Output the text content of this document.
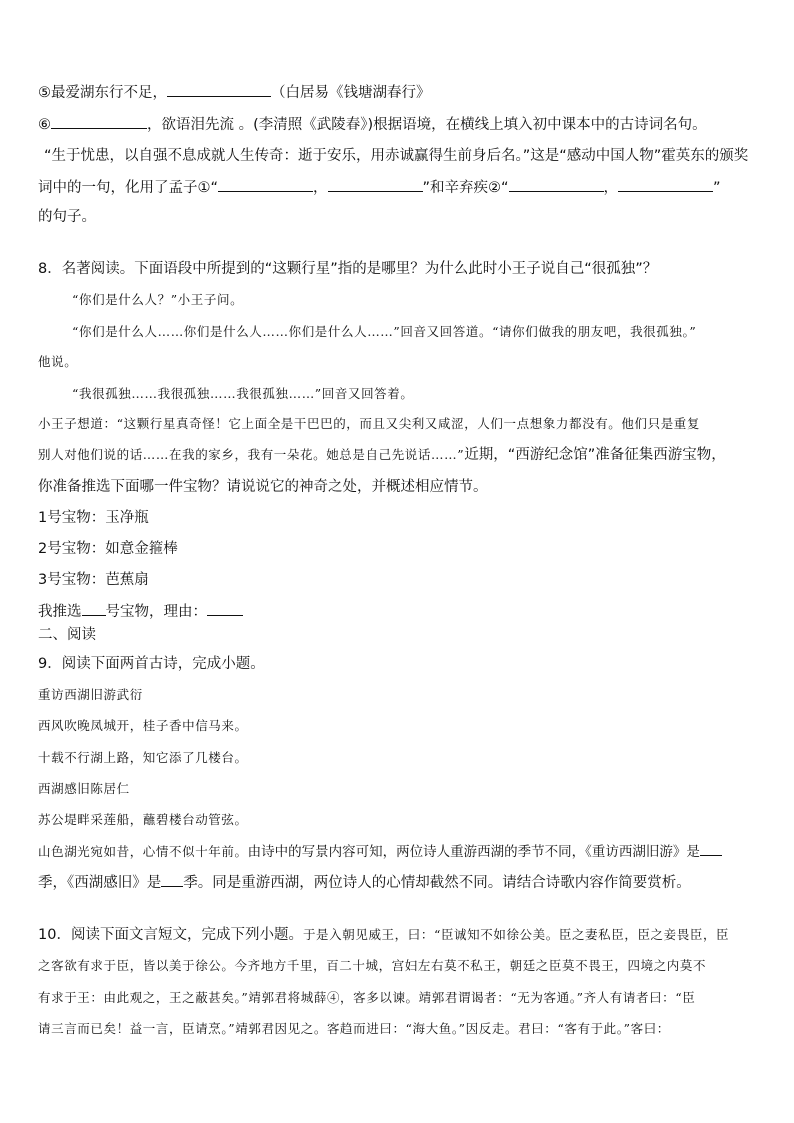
⑤最爱湖东行不足，	（白居易《钱塘湖春行》
⑥	，欲语泪先流 。(李清照《武陵春》)根据语境，在横线上填入初中课本中的古诗词名句。
“生于忧患，以自强不息成就人生传奇：逝于安乐，用赤诚赢得生前身后名。”这是“感动中国人物”霍英东的颁奖
词中的一句，化用了孟子①“	，	”和辛弃疾②“	，	”
的句子。
8．名著阅读。下面语段中所提到的“这颗行星”指的是哪里？为什么此时小王子说自己“很孤独”？
“你们是什么人？”小王子问。
“你们是什么人……你们是什么人……你们是什么人……”回音又回答道。“请你们做我的朋友吧，我很孤独。”
他说。
“我很孤独……我很孤独……我很孤独……”回音又回答着。
小王子想道：“这颗行星真奇怪！它上面全是干巴巴的，而且又尖利又咸涩，人们一点想象力都没有。他们只是重复
别人对他们说的话……在我的家乡，我有一朵花。她总是自己先说话……”近期，“西游纪念馆”准备征集西游宝物，
你准备推选下面哪一件宝物？请说说它的神奇之处，并概述相应情节。
1号宝物：玉净瓶
2号宝物：如意金箍棒
3号宝物：芭蕉扇
我推选 号宝物，理由：
二、阅读
9．阅读下面两首古诗，完成小题。
重访西湖旧游武衍
西风吹晚凤城开，桂子香中信马来。
十载不行湖上路，知它添了几楼台。
西湖感旧陈居仁
苏公堤畔采莲船，蘸碧楼台动管弦。
山色湖光宛如昔，心情不似十年前。由诗中的写景内容可知，两位诗人重游西湖的季节不同，《重访西湖旧游》是
季，《西湖感旧》是 季。同是重游西湖，两位诗人的心情却截然不同。请结合诗歌内容作简要赏析。
10．阅读下面文言短文，完成下列小题。于是入朝见威王，曰：“臣诚知不如徐公美。臣之妻私臣，臣之妾畏臣，臣
之客欲有求于臣，皆以美于徐公。今齐地方千里，百二十城，宫妇左右莫不私王，朝廷之臣莫不畏王，四境之内莫不
有求于王：由此观之，王之蔽甚矣。”靖郭君将城薛④，客多以谏。靖郭君谓谒者：“无为客通。”齐人有请者曰：“臣
请三言而已矣！益一言，臣请烹。”靖郭君因见之。客趋而进曰：“海大鱼。”因反走。君曰：“客有于此。”客曰：
